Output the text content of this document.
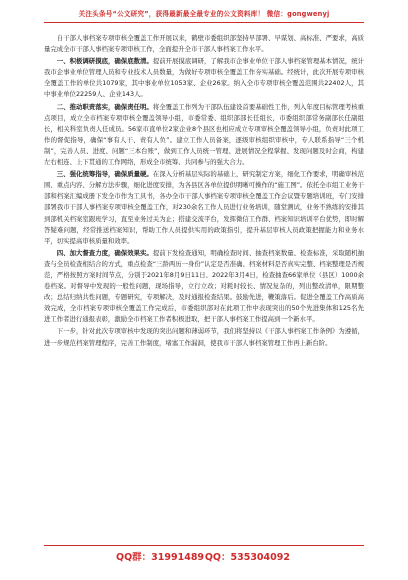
关注头条号“公文研究”，获得最新最全最专业的公文资料库！ 微信：gongwenyj

自干部人事档案专项审核全覆盖工作开展以来，鹤壁市委组织部坚持早部署、早谋划、高标准、严要求，高质量完成全市干部人事档案专项审核工作，全面提升全市干部人事档案工作水平。

一、积极调研摸底，确保底数清。提前开展摸底调研，了解我市企事业单位干部人事档案管理基本情况，统计我市企事业单位管理人员和专业技术人员数量，为做好专项审核全覆盖工作夯实基础。经统计，此次开展专项审核全覆盖工作的单位共1079家，其中事业单位1053家、企业26家。纳入全市专项审核全覆盖范围共22402人，其中事业单位22259人、企业143人。

二、推动职责落实，确保责任明。将全覆盖工作列为干部队伍建设首要基础性工作，列入年度目标管理考核重点项目，成立全市档案专项审核全覆盖领导小组，市委常委、组织部部长任组长，市委组织部常务副部长任副组长，相关科室负责人任成员。56家市直单位2家企业8个县区也相应成立专项审核全覆盖领导小组，负责对此项工作的督促指导，确保“事有人干、责有人负”。建立工作人员备案，逐级审核组织审核中，专人联系指导“三个机制”，完善人员、进度、问题“三本台账”，做到工作人员统一管理、进展情况全程掌握、发现问题及时会商，构建左右相连、上下贯通的工作网络，形成全市统筹、共同参与的强大合力。

三、强化统筹指导，确保质量硬。在深入分析基层实际的基础上，研究制定方案，细化工作要求，明确审核范围、重点内容、分解方法步骤，细化进度安排，为各县区各单位提供明晰可操作的“施工图”。依托全市组工业务干部和档案汇编成册下发全市作为工具书，各办全市干部人事档案专项审核全覆盖工作会议暨专题培训班，专门安排部署我市干部人事档案专项审核全覆盖工作，对230余名工作人员进行业务培训，随堂测试，业务不熟练的安排其到部机关档案室跟班学习，直至业务过关为止；搭建交流平台，发挥微信工作群、档案知识培训平台优势，即时解答疑难问题，经常推送档案知识，帮助工作人员提供实用的政策指引，提升基层审核人员政策把握能力和业务水平，切实提高审核质量和效率。

四、加大督查力度，确保效果实。提前下发检查通知，明确检查时间、抽查档案数量、检查标准，采取随机抽查与全员检查相结合的方式，重点检查“三龄两历一身份”认定是否准确、档案材料是否真实完整、档案整理是否规范，严格按照方案时间节点，分别于2021年8月9日11日、2022年3月4日，检查抽查66家单位（县区）1000余卷档案。对督导中发现的一般性问题，现场指导，立行立改；对耗时较长、情况复杂的，列出整改清单，限期整改；总结归纳共性问题，专题研究，专项解决，及时通报检查结果。鼓励先进，鞭策落后。促进全覆盖工作高质高效完成，全市档案专项审核全覆盖工作完成后，市委组织部对在此项工作中表现突出的50个先进集体和125名先进工作者进行通报表彰，激励全市档案工作者积极进取，把干部人事档案工作提高到一个新水平。

下一步，针对此次专项审核中发现的突出问题和薄弱环节，我们将坚持以《干部人事档案工作条例》为遵循，进一步规范档案管理程序，完善工作制度，堵塞工作漏洞，使我市干部人事档案管理工作再上新台阶。

QQ群：31991489 QQ：535304092
